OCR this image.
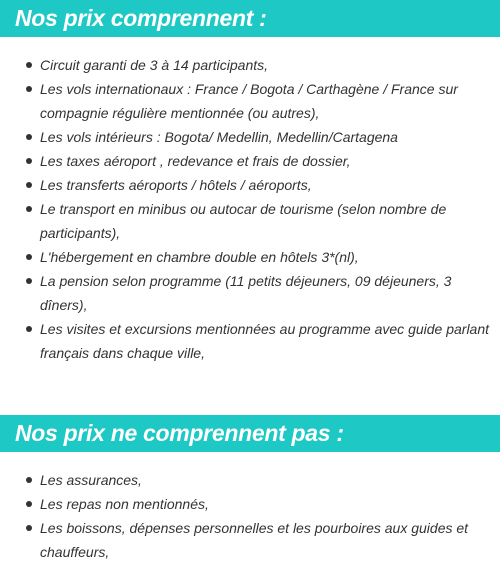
Nos prix comprennent :
Circuit garanti de 3 à 14 participants,
Les vols internationaux : France / Bogota / Carthagène / France sur compagnie régulière mentionnée (ou autres),
Les vols intérieurs : Bogota/ Medellin, Medellin/Cartagena
Les taxes aéroport , redevance et frais de dossier,
Les transferts aéroports / hôtels / aéroports,
Le transport en minibus ou autocar de tourisme (selon nombre de participants),
L'hébergement en chambre double en hôtels 3*(nl),
La pension selon programme (11 petits déjeuners, 09 déjeuners, 3 dîners),
Les visites et excursions mentionnées au programme avec guide parlant français dans chaque ville,
Nos prix ne comprennent pas :
Les assurances,
Les repas non mentionnés,
Les boissons, dépenses personnelles et les pourboires aux guides et chauffeurs,
